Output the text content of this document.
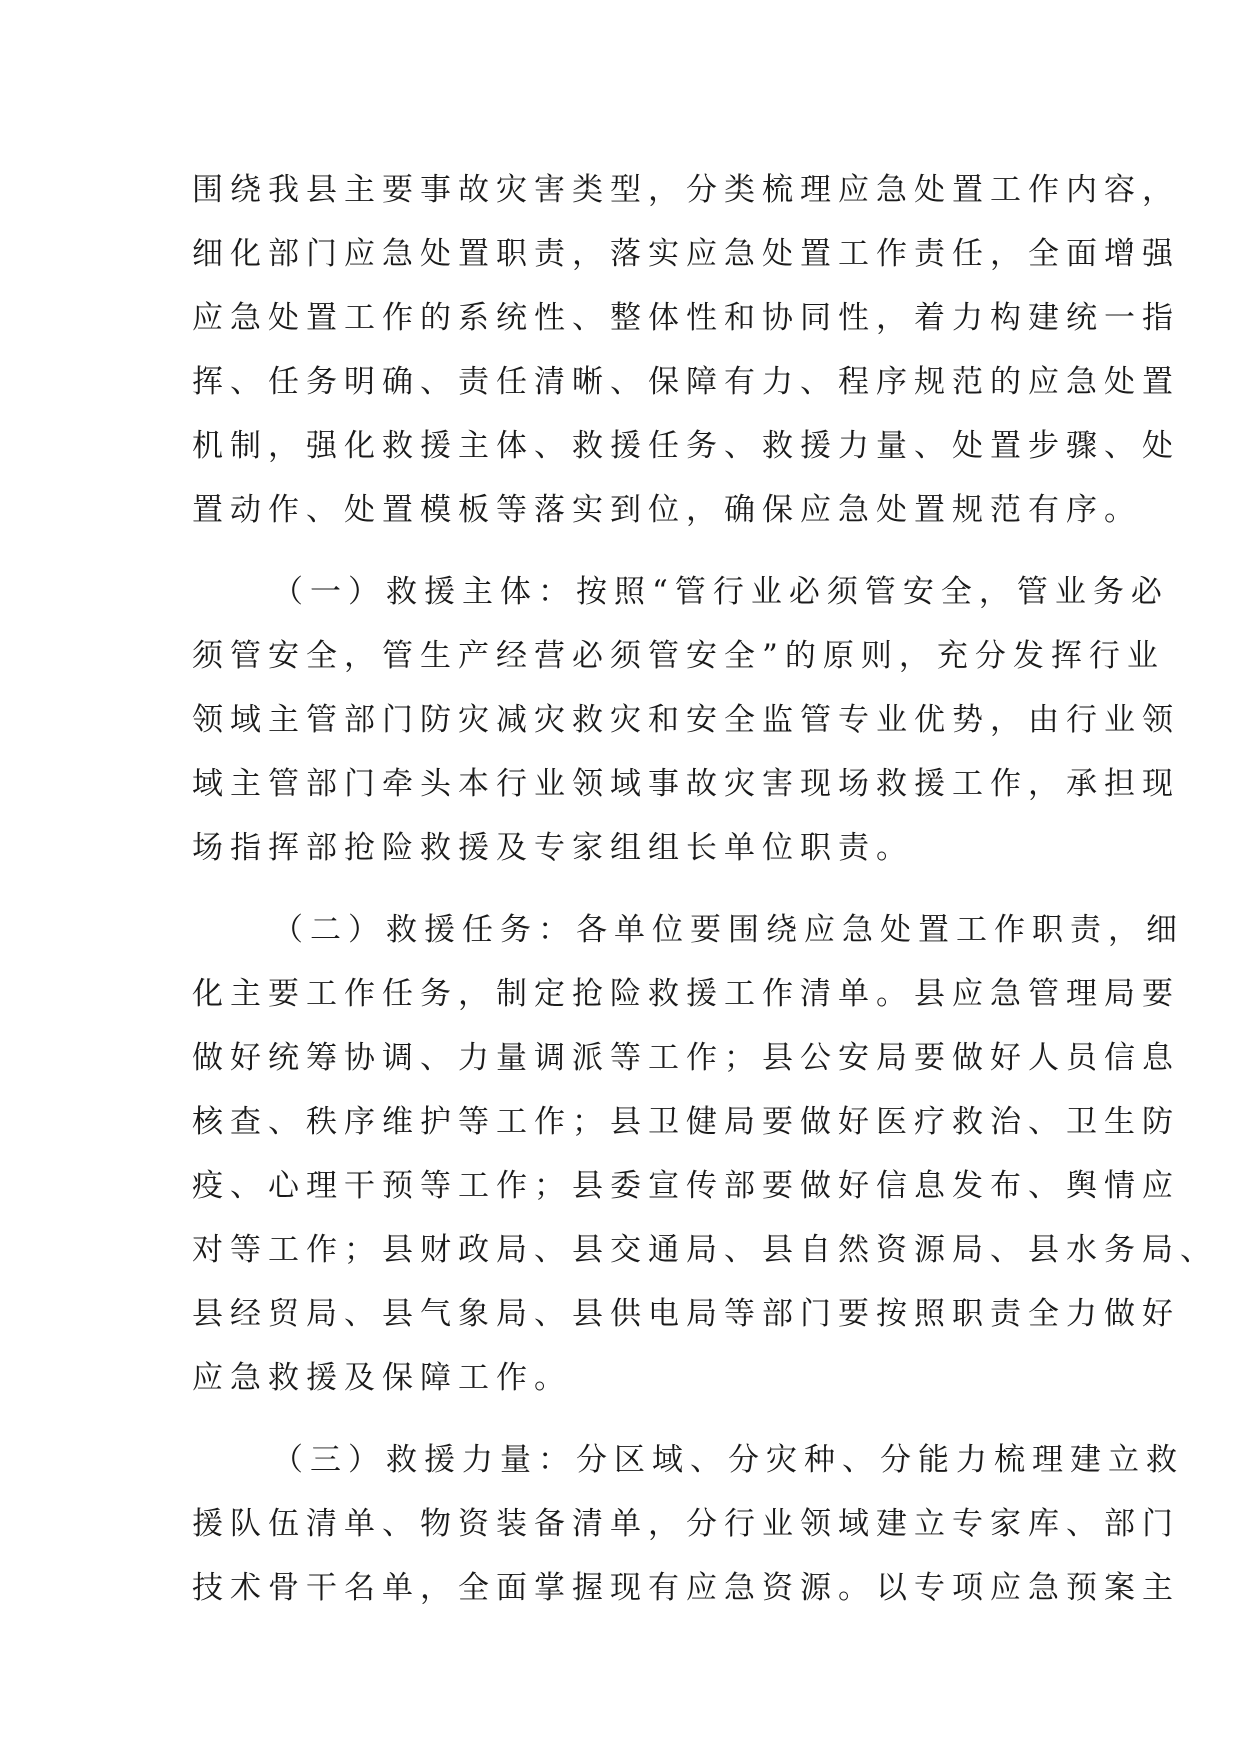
围绕我县主要事故灾害类型，分类梳理应急处置工作内容，
细化部门应急处置职责，落实应急处置工作责任，全面增强
应急处置工作的系统性、整体性和协同性，着力构建统一指
挥、任务明确、责任清晰、保障有力、程序规范的应急处置
机制，强化救援主体、救援任务、救援力量、处置步骤、处
置动作、处置模板等落实到位，确保应急处置规范有序。
（一）救援主体：按照“管行业必须管安全，管业务必
须管安全，管生产经营必须管安全”的原则，充分发挥行业
领域主管部门防灾减灾救灾和安全监管专业优势，由行业领
域主管部门牵头本行业领域事故灾害现场救援工作，承担现
场指挥部抢险救援及专家组组长单位职责。
（二）救援任务：各单位要围绕应急处置工作职责，细
化主要工作任务，制定抢险救援工作清单。县应急管理局要
做好统筹协调、力量调派等工作；县公安局要做好人员信息
核查、秩序维护等工作；县卫健局要做好医疗救治、卫生防
疫、心理干预等工作；县委宣传部要做好信息发布、舆情应
对等工作；县财政局、县交通局、县自然资源局、县水务局、
县经贸局、县气象局、县供电局等部门要按照职责全力做好
应急救援及保障工作。
（三）救援力量：分区域、分灾种、分能力梳理建立救
援队伍清单、物资装备清单，分行业领域建立专家库、部门
技术骨干名单，全面掌握现有应急资源。以专项应急预案主
